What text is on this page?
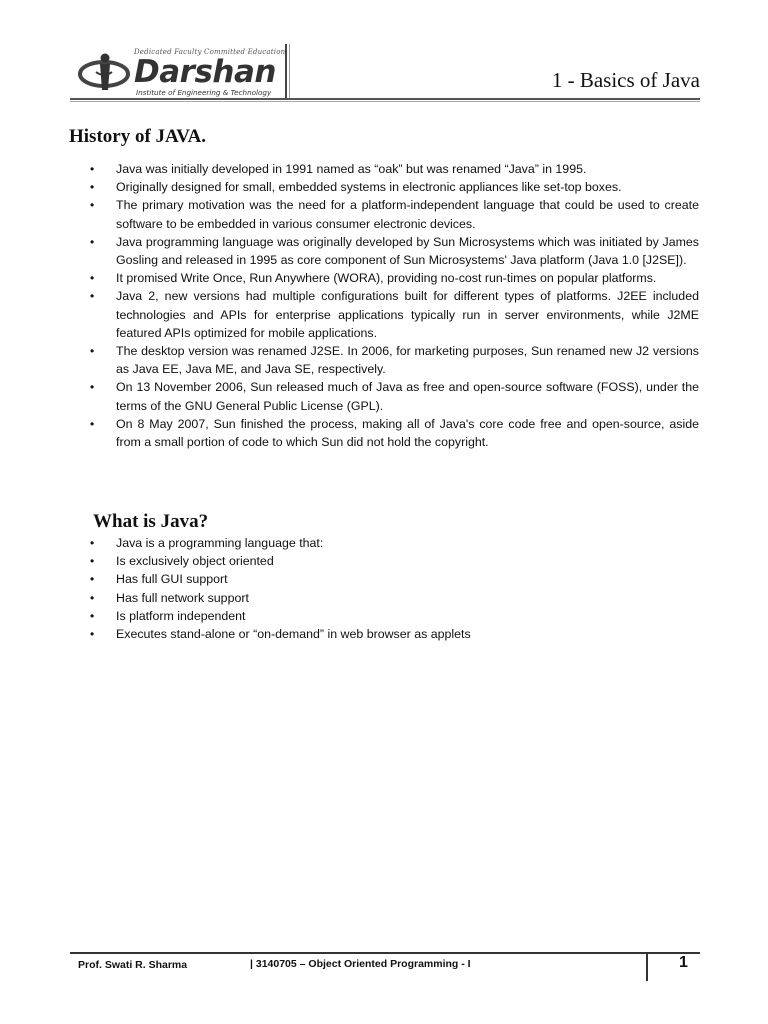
Dedicated Faculty Committed Education
Darshan
Institute of Engineering & Technology
1 - Basics of Java
History of JAVA.
• Java was initially developed in 1991 named as “oak” but was renamed “Java” in 1995.
• Originally designed for small, embedded systems in electronic appliances like set-top boxes.
• The primary motivation was the need for a platform-independent language that could be used to create software to be embedded in various consumer electronic devices.
• Java programming language was originally developed by Sun Microsystems which was initiated by James Gosling and released in 1995 as core component of Sun Microsystems' Java platform (Java 1.0 [J2SE]).
• It promised Write Once, Run Anywhere (WORA), providing no-cost run-times on popular platforms.
• Java 2, new versions had multiple configurations built for different types of platforms. J2EE included technologies and APIs for enterprise applications typically run in server environments, while J2ME featured APIs optimized for mobile applications.
• The desktop version was renamed J2SE. In 2006, for marketing purposes, Sun renamed new J2 versions as Java EE, Java ME, and Java SE, respectively.
• On 13 November 2006, Sun released much of Java as free and open-source software (FOSS), under the terms of the GNU General Public License (GPL).
• On 8 May 2007, Sun finished the process, making all of Java's core code free and open-source, aside from a small portion of code to which Sun did not hold the copyright.
What is Java?
• Java is a programming language that:
• Is exclusively object oriented
• Has full GUI support
• Has full network support
• Is platform independent
• Executes stand-alone or “on-demand” in web browser as applets
Prof. Swati R. Sharma	| 3140705 – Object Oriented Programming - I	1
